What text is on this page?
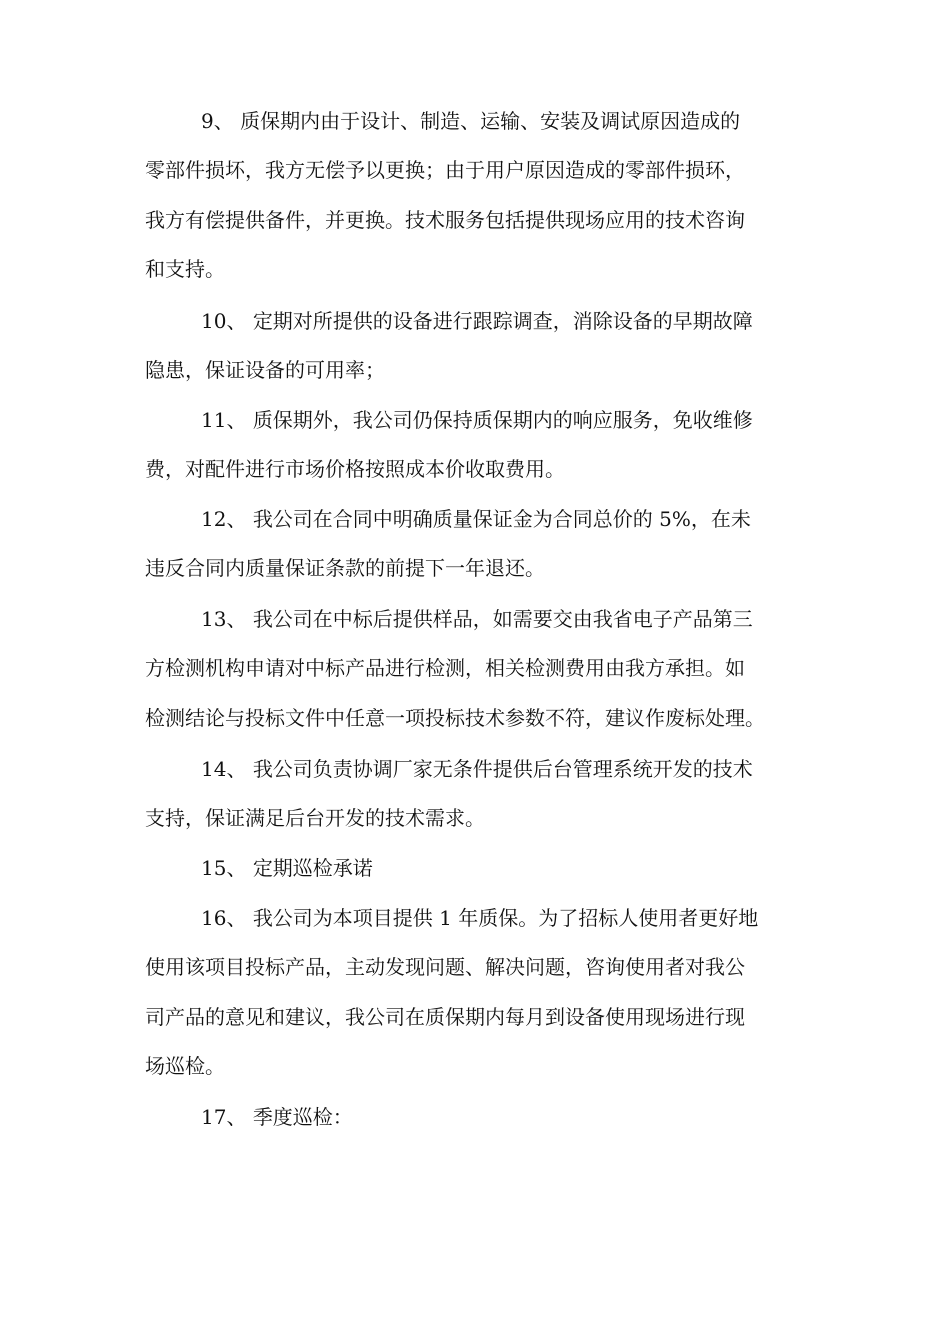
9、 质保期内由于设计、制造、运输、安装及调试原因造成的
零部件损坏，我方无偿予以更换；由于用户原因造成的零部件损环，
我方有偿提供备件，并更换。技术服务包括提供现场应用的技术咨询
和支持。

10、 定期对所提供的设备进行跟踪调查，消除设备的早期故障
隐患，保证设备的可用率；

11、 质保期外，我公司仍保持质保期内的响应服务，免收维修
费，对配件进行市场价格按照成本价收取费用。

12、 我公司在合同中明确质量保证金为合同总价的 5%，在未
违反合同内质量保证条款的前提下一年退还。

13、 我公司在中标后提供样品，如需要交由我省电子产品第三
方检测机构申请对中标产品进行检测，相关检测费用由我方承担。如
检测结论与投标文件中任意一项投标技术参数不符，建议作废标处理。

14、 我公司负责协调厂家无条件提供后台管理系统开发的技术
支持，保证满足后台开发的技术需求。

15、 定期巡检承诺

16、 我公司为本项目提供 1 年质保。为了招标人使用者更好地
使用该项目投标产品，主动发现问题、解决问题，咨询使用者对我公
司产品的意见和建议，我公司在质保期内每月到设备使用现场进行现
场巡检。

17、 季度巡检：
